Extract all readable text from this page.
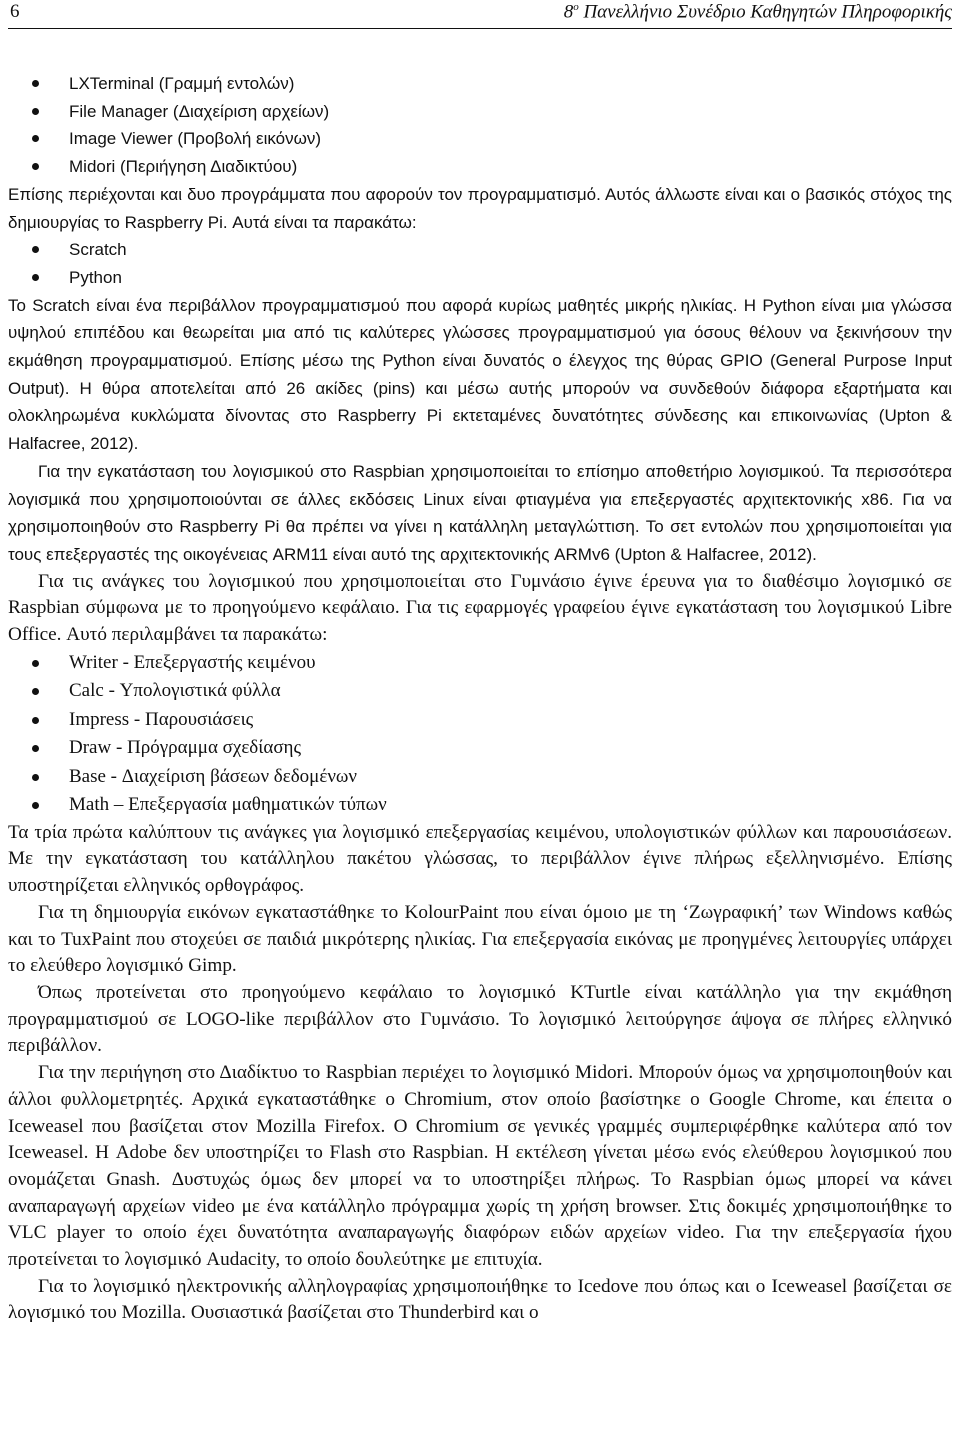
6	$8^o$ Πανελλήνιο Συνέδριο Καθηγητών Πληροφορικής
LXTerminal (Γραμμή εντολών)
File Manager (Διαχείριση αρχείων)
Image Viewer (Προβολή εικόνων)
Midori (Περιήγηση Διαδικτύου)

Επίσης περιέχονται και δυο προγράμματα που αφορούν τον προγραμματισμό. Αυτός άλλωστε είναι και ο βασικός στόχος της δημιουργίας το Raspberry Pi. Αυτά είναι τα παρακάτω:

Scratch
Python

Το Scratch είναι ένα περιβάλλον προγραμματισμού που αφορά κυρίως μαθητές μικρής ηλικίας. Η Python είναι μια γλώσσα υψηλού επιπέδου και θεωρείται μια από τις καλύτερες γλώσσες προγραμματισμού για όσους θέλουν να ξεκινήσουν την εκμάθηση προγραμματισμού. Επίσης μέσω της Python είναι δυνατός ο έλεγχος της θύρας GPIO (General Purpose Input Output). Η θύρα αποτελείται από 26 ακίδες (pins) και μέσω αυτής μπορούν να συνδεθούν διάφορα εξαρτήματα και ολοκληρωμένα κυκλώματα δίνοντας στο Raspberry Pi εκτεταμένες δυνατότητες σύνδεσης και επικοινωνίας (Upton & Halfacree, 2012).

Για την εγκατάσταση του λογισμικού στο Raspbian χρησιμοποιείται το επίσημο αποθετήριο λογισμικού. Τα περισσότερα λογισμικά που χρησιμοποιούνται σε άλλες εκδόσεις Linux είναι φτιαγμένα για επεξεργαστές αρχιτεκτονικής x86. Για να χρησιμοποιηθούν στο Raspberry Pi θα πρέπει να γίνει η κατάλληλη μεταγλώττιση. Το σετ εντολών που χρησιμοποιείται για τους επεξεργαστές της οικογένειας ARM11 είναι αυτό της αρχιτεκτονικής ARMv6 (Upton & Halfacree, 2012).

Για τις ανάγκες του λογισμικού που χρησιμοποιείται στο Γυμνάσιο έγινε έρευνα για το διαθέσιμο λογισμικό σε Raspbian σύμφωνα με το προηγούμενο κεφάλαιο. Για τις εφαρμογές γραφείου έγινε εγκατάσταση του λογισμικού Libre Office. Αυτό περιλαμβάνει τα παρακάτω:

Writer - Επεξεργαστής κειμένου
Calc - Υπολογιστικά φύλλα
Impress - Παρουσιάσεις
Draw - Πρόγραμμα σχεδίασης
Base - Διαχείριση βάσεων δεδομένων
Math – Επεξεργασία μαθηματικών τύπων

Τα τρία πρώτα καλύπτουν τις ανάγκες για λογισμικό επεξεργασίας κειμένου, υπολογιστικών φύλλων και παρουσιάσεων. Με την εγκατάσταση του κατάλληλου πακέτου γλώσσας, το περιβάλλον έγινε πλήρως εξελληνισμένο. Επίσης υποστηρίζεται ελληνικός ορθογράφος.

Για τη δημιουργία εικόνων εγκαταστάθηκε το KolourPaint που είναι όμοιο με τη ‘Ζωγραφική’ των Windows καθώς και το TuxPaint που στοχεύει σε παιδιά μικρότερης ηλικίας. Για επεξεργασία εικόνας με προηγμένες λειτουργίες υπάρχει το ελεύθερο λογισμικό Gimp.

Όπως προτείνεται στο προηγούμενο κεφάλαιο το λογισμικό KTurtle είναι κατάλληλο για την εκμάθηση προγραμματισμού σε LOGO-like περιβάλλον στο Γυμνάσιο. Το λογισμικό λειτούργησε άψογα σε πλήρες ελληνικό περιβάλλον.

Για την περιήγηση στο Διαδίκτυο το Raspbian περιέχει το λογισμικό Midori. Μπορούν όμως να χρησιμοποιηθούν και άλλοι φυλλομετρητές. Αρχικά εγκαταστάθηκε ο Chromium, στον οποίο βασίστηκε ο Google Chrome, και έπειτα ο Iceweasel που βασίζεται στον Mozilla Firefox. Ο Chromium σε γενικές γραμμές συμπεριφέρθηκε καλύτερα από τον Iceweasel. Η Adobe δεν υποστηρίζει το Flash στο Raspbian. Η εκτέλεση γίνεται μέσω ενός ελεύθερου λογισμικού που ονομάζεται Gnash. Δυστυχώς όμως δεν μπορεί να το υποστηρίξει πλήρως. Το Raspbian όμως μπορεί να κάνει αναπαραγωγή αρχείων video με ένα κατάλληλο πρόγραμμα χωρίς τη χρήση browser. Στις δοκιμές χρησιμοποιήθηκε το VLC player το οποίο έχει δυνατότητα αναπαραγωγής διαφόρων ειδών αρχείων video. Για την επεξεργασία ήχου προτείνεται το λογισμικό Audacity, το οποίο δουλεύτηκε με επιτυχία.

Για το λογισμικό ηλεκτρονικής αλληλογραφίας χρησιμοποιήθηκε το Icedove που όπως και ο Iceweasel βασίζεται σε λογισμικό του Mozilla. Ουσιαστικά βασίζεται στο Thunderbird και ο
